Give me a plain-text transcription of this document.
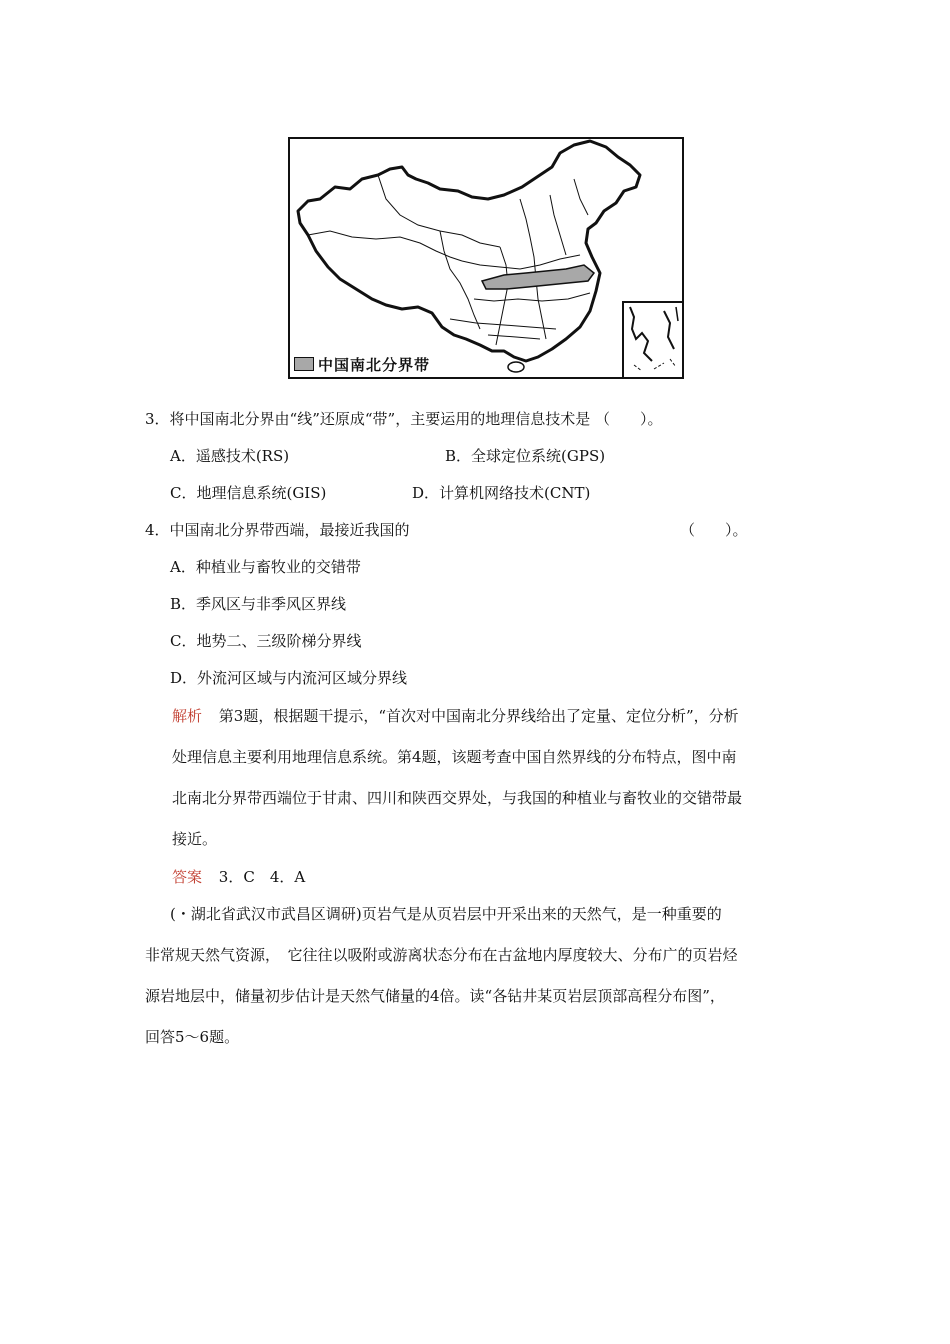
中国南北分界带
3．将中国南北分界由“线”还原成“带”，主要运用的地理信息技术是 （　　）。
A．遥感技术(RS)	B．全球定位系统(GPS)
C．地理信息系统(GIS)	D．计算机网络技术(CNT)
4．中国南北分界带西端，最接近我国的	（　　）。
A．种植业与畜牧业的交错带
B．季风区与非季风区界线
C．地势二、三级阶梯分界线
D．外流河区域与内流河区域分界线
解析 第3题，根据题干提示，“首次对中国南北分界线给出了定量、定位分析”，分析
处理信息主要利用地理信息系统。第4题，该题考查中国自然界线的分布特点，图中南
北南北分界带西端位于甘肃、四川和陕西交界处，与我国的种植业与畜牧业的交错带最
接近。
答案 3．C　4．A
(・湖北省武汉市武昌区调研)页岩气是从页岩层中开采出来的天然气，是一种重要的
非常规天然气资源，　它往往以吸附或游离状态分布在古盆地内厚度较大、分布广的页岩烃
源岩地层中，储量初步估计是天然气储量的4倍。读“各钻井某页岩层顶部高程分布图”，
回答5～6题。
